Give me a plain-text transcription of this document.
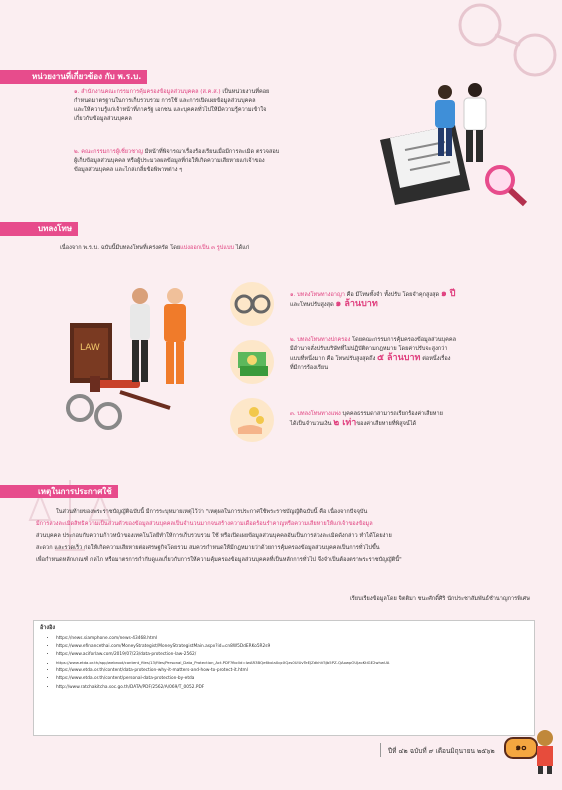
หน่วยงานที่เกี่ยวข้อง กับ พ.ร.บ.
๑. สำนักงานคณะกรรมการคุ้มครองข้อมูลส่วนบุคคล (ส.ค.ส.) เป็นหน่วยงานที่คอย
กำหนดมาตรฐานในการเก็บรวบรวม การใช้ และการเปิดเผยข้อมูลส่วนบุคคล
และให้ความรู้แก่เจ้าหน้าที่ภาครัฐ เอกชน และบุคคลทั่วไปให้มีความรู้ความเข้าใจ
เกี่ยวกับข้อมูลส่วนบุคคล
๒. คณะกรรมการผู้เชี่ยวชาญ มีหน้าที่พิจารณาเรื่องร้องเรียนเมื่อมีการละเมิด ตรวจสอบ
ผู้เก็บข้อมูลส่วนบุคคล หรือผู้ประมวลผลข้อมูลที่ก่อให้เกิดความเสียหายแก่เจ้าของ
ข้อมูลส่วนบุคคล และไกล่เกลี่ยข้อพิพาทต่าง ๆ
บทลงโทษ
เนื่องจาก พ.ร.บ. ฉบับนี้มีบทลงโทษที่เคร่งครัด โดยแบ่งออกเป็น ๓ รูปแบบ ได้แก่
LAW
๑. บทลงโทษทางอาญา คือ มีโทษทั้งจำ ทั้งปรับ โดยจำคุกสูงสุด ๑ ปี
และโทษปรับสูงสุด ๑ ล้านบาท
๒. บทลงโทษทางปกครอง โดยคณะกรรมการคุ้มครองข้อมูลส่วนบุคคล
มีอำนาจสั่งปรับบริษัทที่ไม่ปฏิบัติตามกฎหมาย โดยค่าปรับจะสูงกว่า
แบบที่หนึ่งมาก คือ โทษปรับสูงสุดถึง ๕ ล้านบาท ต่อหนึ่งเรื่อง
ที่มีการร้องเรียน
๓. บทลงโทษทางแพ่ง บุคคลธรรมดาสามารถเรียกร้องค่าเสียหาย
ได้เป็นจำนวนเงิน ๒ เท่าของค่าเสียหายที่พิสูจน์ได้
เหตุในการประกาศใช้
ในส่วนท้ายของพระราชบัญญัติฉบับนี้ มีการระบุหมายเหตุไว้ว่า "เหตุผลในการประกาศใช้พระราชบัญญัติฉบับนี้ คือ เนื่องจากปัจจุบัน
มีการล่วงละเมิดสิทธิความเป็นส่วนตัวของข้อมูลส่วนบุคคลเป็นจำนวนมากจนสร้างความเดือดร้อนรำคาญหรือความเสียหายให้แก่เจ้าของข้อมูล
ส่วนบุคคล ประกอบกับความก้าวหน้าของเทคโนโลยีทำให้การเก็บรวบรวม ใช้ หรือเปิดเผยข้อมูลส่วนบุคคลอันเป็นการล่วงละเมิดดังกล่าว ทำได้โดยง่าย
สะดวก และรวดเร็ว ก่อให้เกิดความเสียหายต่อเศรษฐกิจโดยรวม สมควรกำหนดให้มีกฎหมายว่าด้วยการคุ้มครองข้อมูลส่วนบุคคลเป็นการทั่วไปขึ้น
เพื่อกำหนดหลักเกณฑ์ กลไก หรือมาตรการกำกับดูแลเกี่ยวกับการให้ความคุ้มครองข้อมูลส่วนบุคคลที่เป็นหลักการทั่วไป จึงจำเป็นต้องตราพระราชบัญญัตินี้"
เรียบเรียงข้อมูลโดย จิตติมา ชนะศักดิ์ศิริ นักประชาสัมพันธ์ชำนาญการพิเศษ
อ้างอิง
• https://news.siamphone.com/news-43468.html
• https://www.efinancethai.com/MoneyStrategist/MoneyStrategistMain.aspx?id=cn8W5DdERKo5R2s9
• https://www.aciforlaw.com/2019/07/23/data-protection-law-2562/
• https://www.etda.or.th/app/webroot/content_files/13/files/Personal_Data_Protection_Act.PDF?fbclid=IwAR3BQe6kxlaXqcXQzs0UlUvTeEJZdkhV5Jb5PZ-QAowpOUJzoKtiGE2whwUA
• https://www.etda.or.th/content/data-protection-why-it-matters-and-how-to-protect-it.html
• https://www.etda.or.th/content/personal-data-protection-by-etda
• http://www.ratchakitcha.soc.go.th/DATA/PDF/2562/A/069/T_0052.PDF
ปีที่ ๔๒ ฉบับที่ ๙ เดือนมิถุนายน ๒๕๖๒	๑๐
